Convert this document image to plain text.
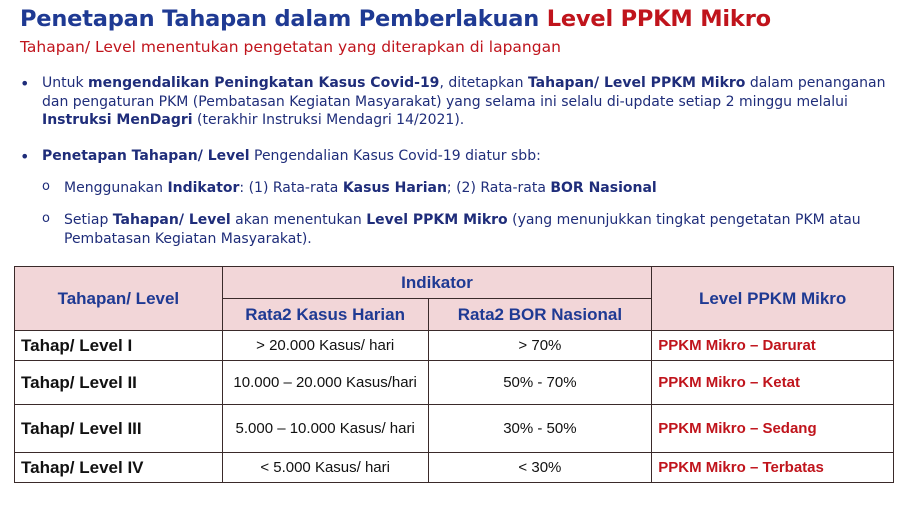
Penetapan Tahapan dalam Pemberlakuan Level PPKM Mikro
Tahapan/ Level menentukan pengetatan yang diterapkan di lapangan
• Untuk mengendalikan Peningkatan Kasus Covid-19, ditetapkan Tahapan/ Level PPKM Mikro dalam penanganan dan pengaturan PKM (Pembatasan Kegiatan Masyarakat) yang selama ini selalu di-update setiap 2 minggu melalui Instruksi MenDagri (terakhir Instruksi Mendagri 14/2021).
• Penetapan Tahapan/ Level Pengendalian Kasus Covid-19 diatur sbb:
o	Menggunakan Indikator: (1) Rata-rata Kasus Harian; (2) Rata-rata BOR Nasional
o	Setiap Tahapan/ Level akan menentukan Level PPKM Mikro (yang menunjukkan tingkat pengetatan PKM atau Pembatasan Kegiatan Masyarakat).
Tahapan/ Level	Indikator		Level PPKM Mikro
	Rata2 Kasus Harian	Rata2 BOR Nasional	
Tahap/ Level I	> 20.000 Kasus/ hari	> 70%	PPKM Mikro – Darurat
Tahap/ Level II	10.000 – 20.000 Kasus/hari	50% - 70%	PPKM Mikro – Ketat
Tahap/ Level III	5.000 – 10.000 Kasus/ hari	30% - 50%	PPKM Mikro – Sedang
Tahap/ Level IV	< 5.000 Kasus/ hari	< 30%	PPKM Mikro – Terbatas
